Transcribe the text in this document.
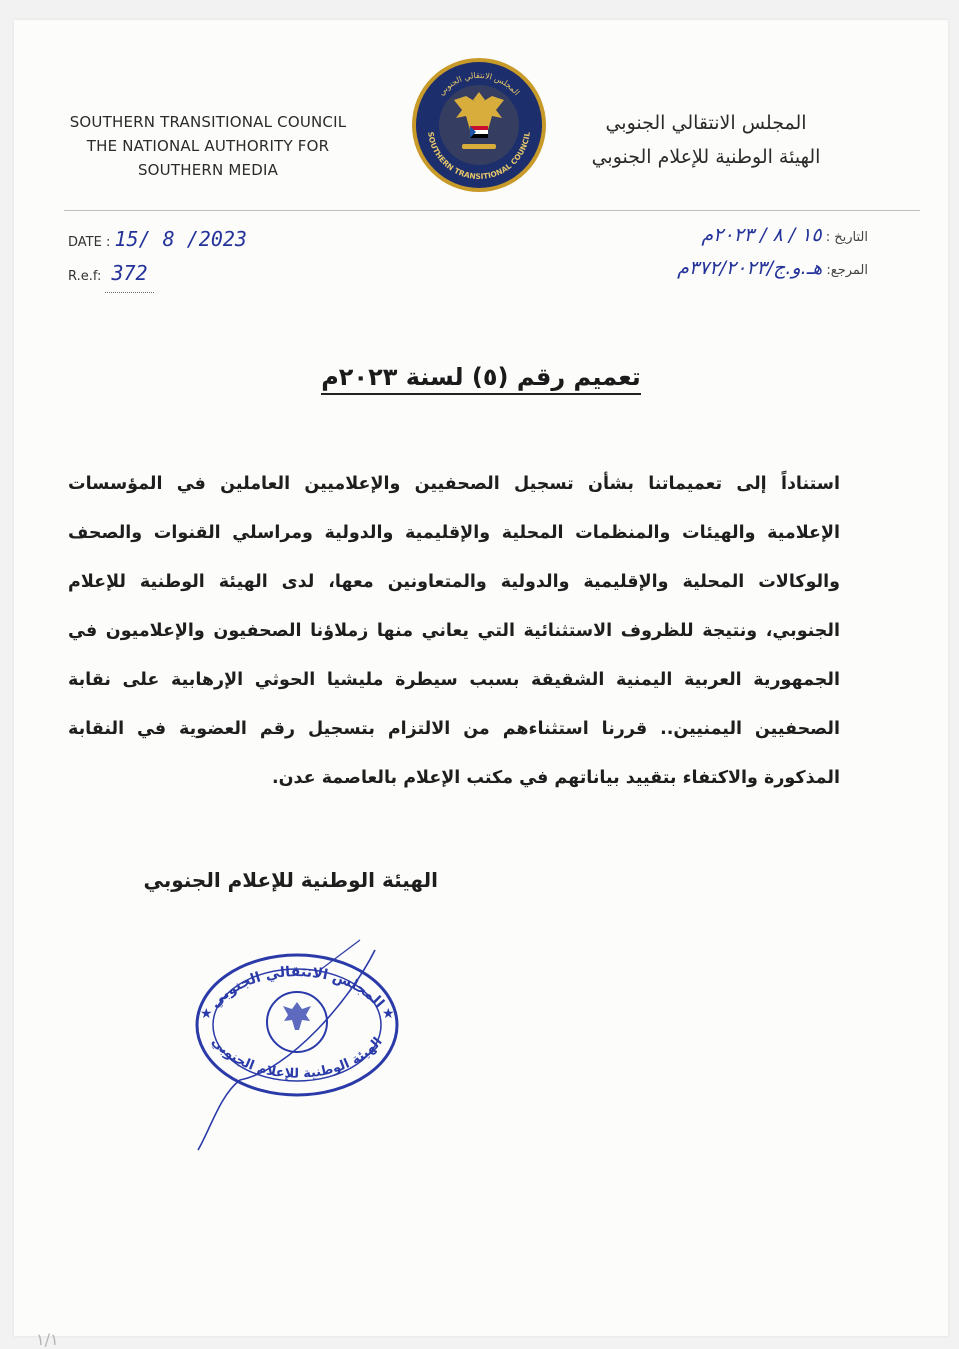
SOUTHERN TRANSITIONAL COUNCIL
THE NATIONAL AUTHORITY FOR
SOUTHERN MEDIA
المجلس الانتقالي الجنوبي
SOUTHERN TRANSITIONAL COUNCIL
المجلس الانتقالي الجنوبي
الهيئة الوطنية للإعلام الجنوبي
DATE : 15/ 8 /2023
R.e.f: 372
التاريخ : ١٥ / ٨ / ٢٠٢٣م
المرجع: هـ.و.ج/٣٧٢/٢٠٢٣م
تعميم رقم (٥) لسنة ٢٠٢٣م
استناداً إلى تعميماتنا بشأن تسجيل الصحفيين والإعلاميين العاملين في المؤسسات الإعلامية والهيئات والمنظمات المحلية والإقليمية والدولية ومراسلي القنوات والصحف والوكالات المحلية والإقليمية والدولية والمتعاونين معها، لدى الهيئة الوطنية للإعلام الجنوبي، ونتيجة للظروف الاستثنائية التي يعاني منها زملاؤنا الصحفيون والإعلاميون في الجمهورية العربية اليمنية الشقيقة بسبب سيطرة مليشيا الحوثي الإرهابية على نقابة الصحفيين اليمنيين.. قررنا استثناءهم من الالتزام بتسجيل رقم العضوية في النقابة المذكورة والاكتفاء بتقييد بياناتهم في مكتب الإعلام بالعاصمة عدن.
الهيئة الوطنية للإعلام الجنوبي
المجلس الانتقالي الجنوبي
الهيئة الوطنية للإعلام الجنوبي
★	★
١/١
